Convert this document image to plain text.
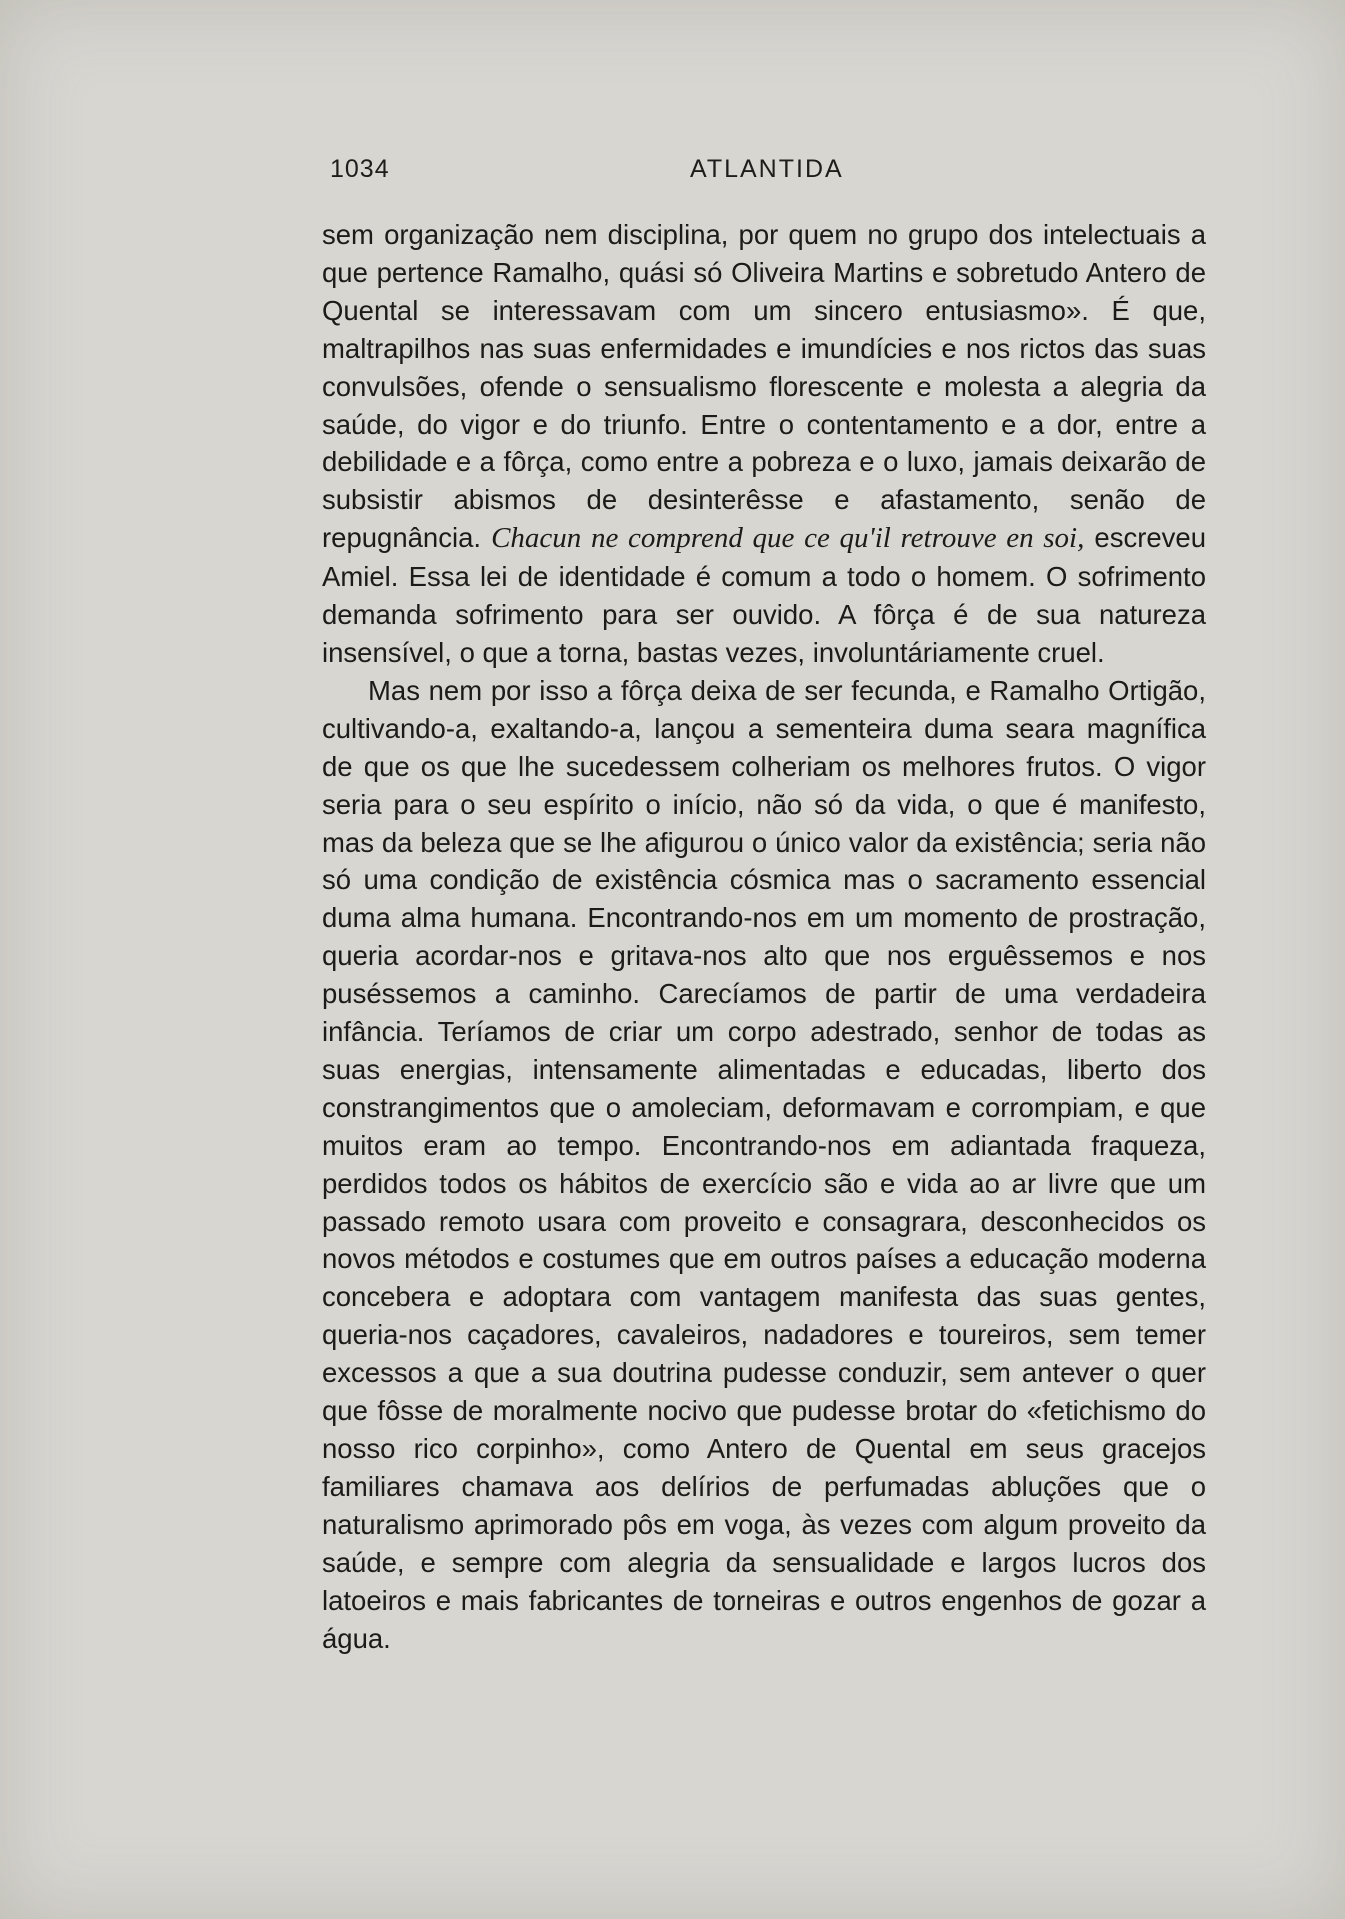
1034	ATLANTIDA

sem organização nem disciplina, por quem no grupo dos intelectuais a que pertence Ramalho, quási só Oliveira Martins e sobretudo Antero de Quental se interessavam com um sincero entusiasmo». É que, maltrapilhos nas suas enfermidades e imundícies e nos rictos das suas convulsões, ofende o sensualismo florescente e molesta a alegria da saúde, do vigor e do triunfo. Entre o contentamento e a dor, entre a debilidade e a fôrça, como entre a pobreza e o luxo, jamais deixarão de subsistir abismos de desinterêsse e afastamento, senão de repugnância. Chacun ne comprend que ce qu'il retrouve en soi, escreveu Amiel. Essa lei de identidade é comum a todo o homem. O sofrimento demanda sofrimento para ser ouvido. A fôrça é de sua natureza insensível, o que a torna, bastas vezes, involuntáriamente cruel.

Mas nem por isso a fôrça deixa de ser fecunda, e Ramalho Ortigão, cultivando-a, exaltando-a, lançou a sementeira duma seara magnífica de que os que lhe sucedessem colheriam os melhores frutos. O vigor seria para o seu espírito o início, não só da vida, o que é manifesto, mas da beleza que se lhe afigurou o único valor da existência; seria não só uma condição de existência cósmica mas o sacramento essencial duma alma humana. Encontrando-nos em um momento de prostração, queria acordar-nos e gritava-nos alto que nos erguêssemos e nos puséssemos a caminho. Carecíamos de partir de uma verdadeira infância. Teríamos de criar um corpo adestrado, senhor de todas as suas energias, intensamente alimentadas e educadas, liberto dos constrangimentos que o amoleciam, deformavam e corrompiam, e que muitos eram ao tempo. Encontrando-nos em adiantada fraqueza, perdidos todos os hábitos de exercício são e vida ao ar livre que um passado remoto usara com proveito e consagrara, desconhecidos os novos métodos e costumes que em outros países a educação moderna concebera e adoptara com vantagem manifesta das suas gentes, queria-nos caçadores, cavaleiros, nadadores e toureiros, sem temer excessos a que a sua doutrina pudesse conduzir, sem antever o quer que fôsse de moralmente nocivo que pudesse brotar do «fetichismo do nosso rico corpinho», como Antero de Quental em seus gracejos familiares chamava aos delírios de perfumadas abluções que o naturalismo aprimorado pôs em voga, às vezes com algum proveito da saúde, e sempre com alegria da sensualidade e largos lucros dos latoeiros e mais fabricantes de torneiras e outros engenhos de gozar a água.
